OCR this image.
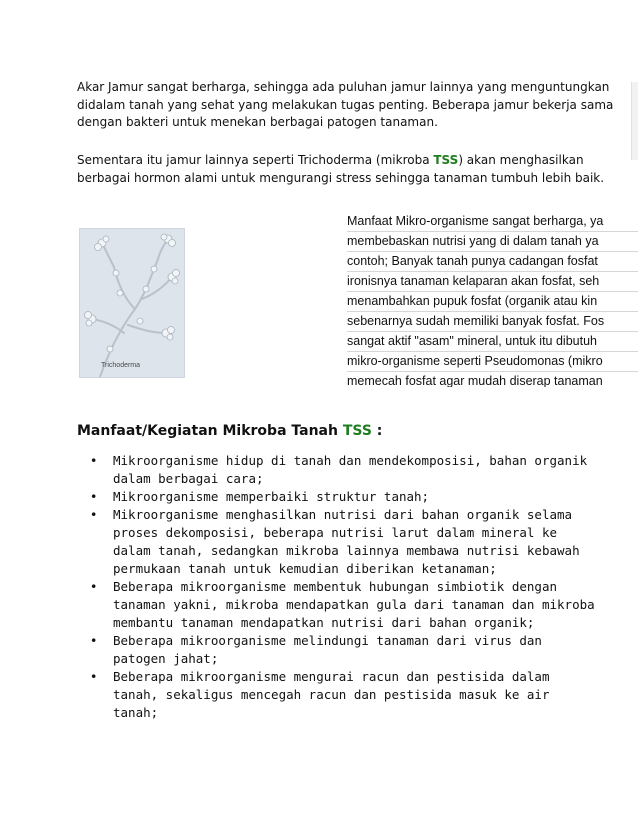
Akar Jamur sangat berharga, sehingga ada puluhan jamur lainnya yang menguntungkan didalam tanah yang sehat yang melakukan tugas penting. Beberapa jamur bekerja sama dengan bakteri untuk menekan berbagai patogen tanaman.

Sementara itu jamur lainnya seperti Trichoderma (mikroba TSS) akan menghasilkan berbagai hormon alami untuk mengurangi stress sehingga tanaman tumbuh lebih baik.

Trichoderma
Manfaat Mikro-organisme sangat berharga, ya
membebaskan nutrisi yang di dalam tanah ya
contoh; Banyak tanah punya cadangan fosfat
ironisnya tanaman kelaparan akan fosfat, seh
menambahkan pupuk fosfat (organik atau kin
sebenarnya sudah memiliki banyak fosfat. Fos
sangat aktif "asam" mineral, untuk itu dibutuh
mikro-organisme seperti Pseudomonas (mikro
memecah fosfat agar mudah diserap tanaman
Manfaat/Kegiatan Mikroba Tanah TSS :
• Mikroorganisme hidup di tanah dan mendekomposisi, bahan organik dalam berbagai cara;
• Mikroorganisme memperbaiki struktur tanah;
• Mikroorganisme menghasilkan nutrisi dari bahan organik selama proses dekomposisi, beberapa nutrisi larut dalam mineral ke dalam tanah, sedangkan mikroba lainnya membawa nutrisi kebawah permukaan tanah untuk kemudian diberikan ketanaman;
• Beberapa mikroorganisme membentuk hubungan simbiotik dengan tanaman yakni, mikroba mendapatkan gula dari tanaman dan mikroba membantu tanaman mendapatkan nutrisi dari bahan organik;
• Beberapa mikroorganisme melindungi tanaman dari virus dan patogen jahat;
• Beberapa mikroorganisme mengurai racun dan pestisida dalam tanah, sekaligus mencegah racun dan pestisida masuk ke air tanah;
